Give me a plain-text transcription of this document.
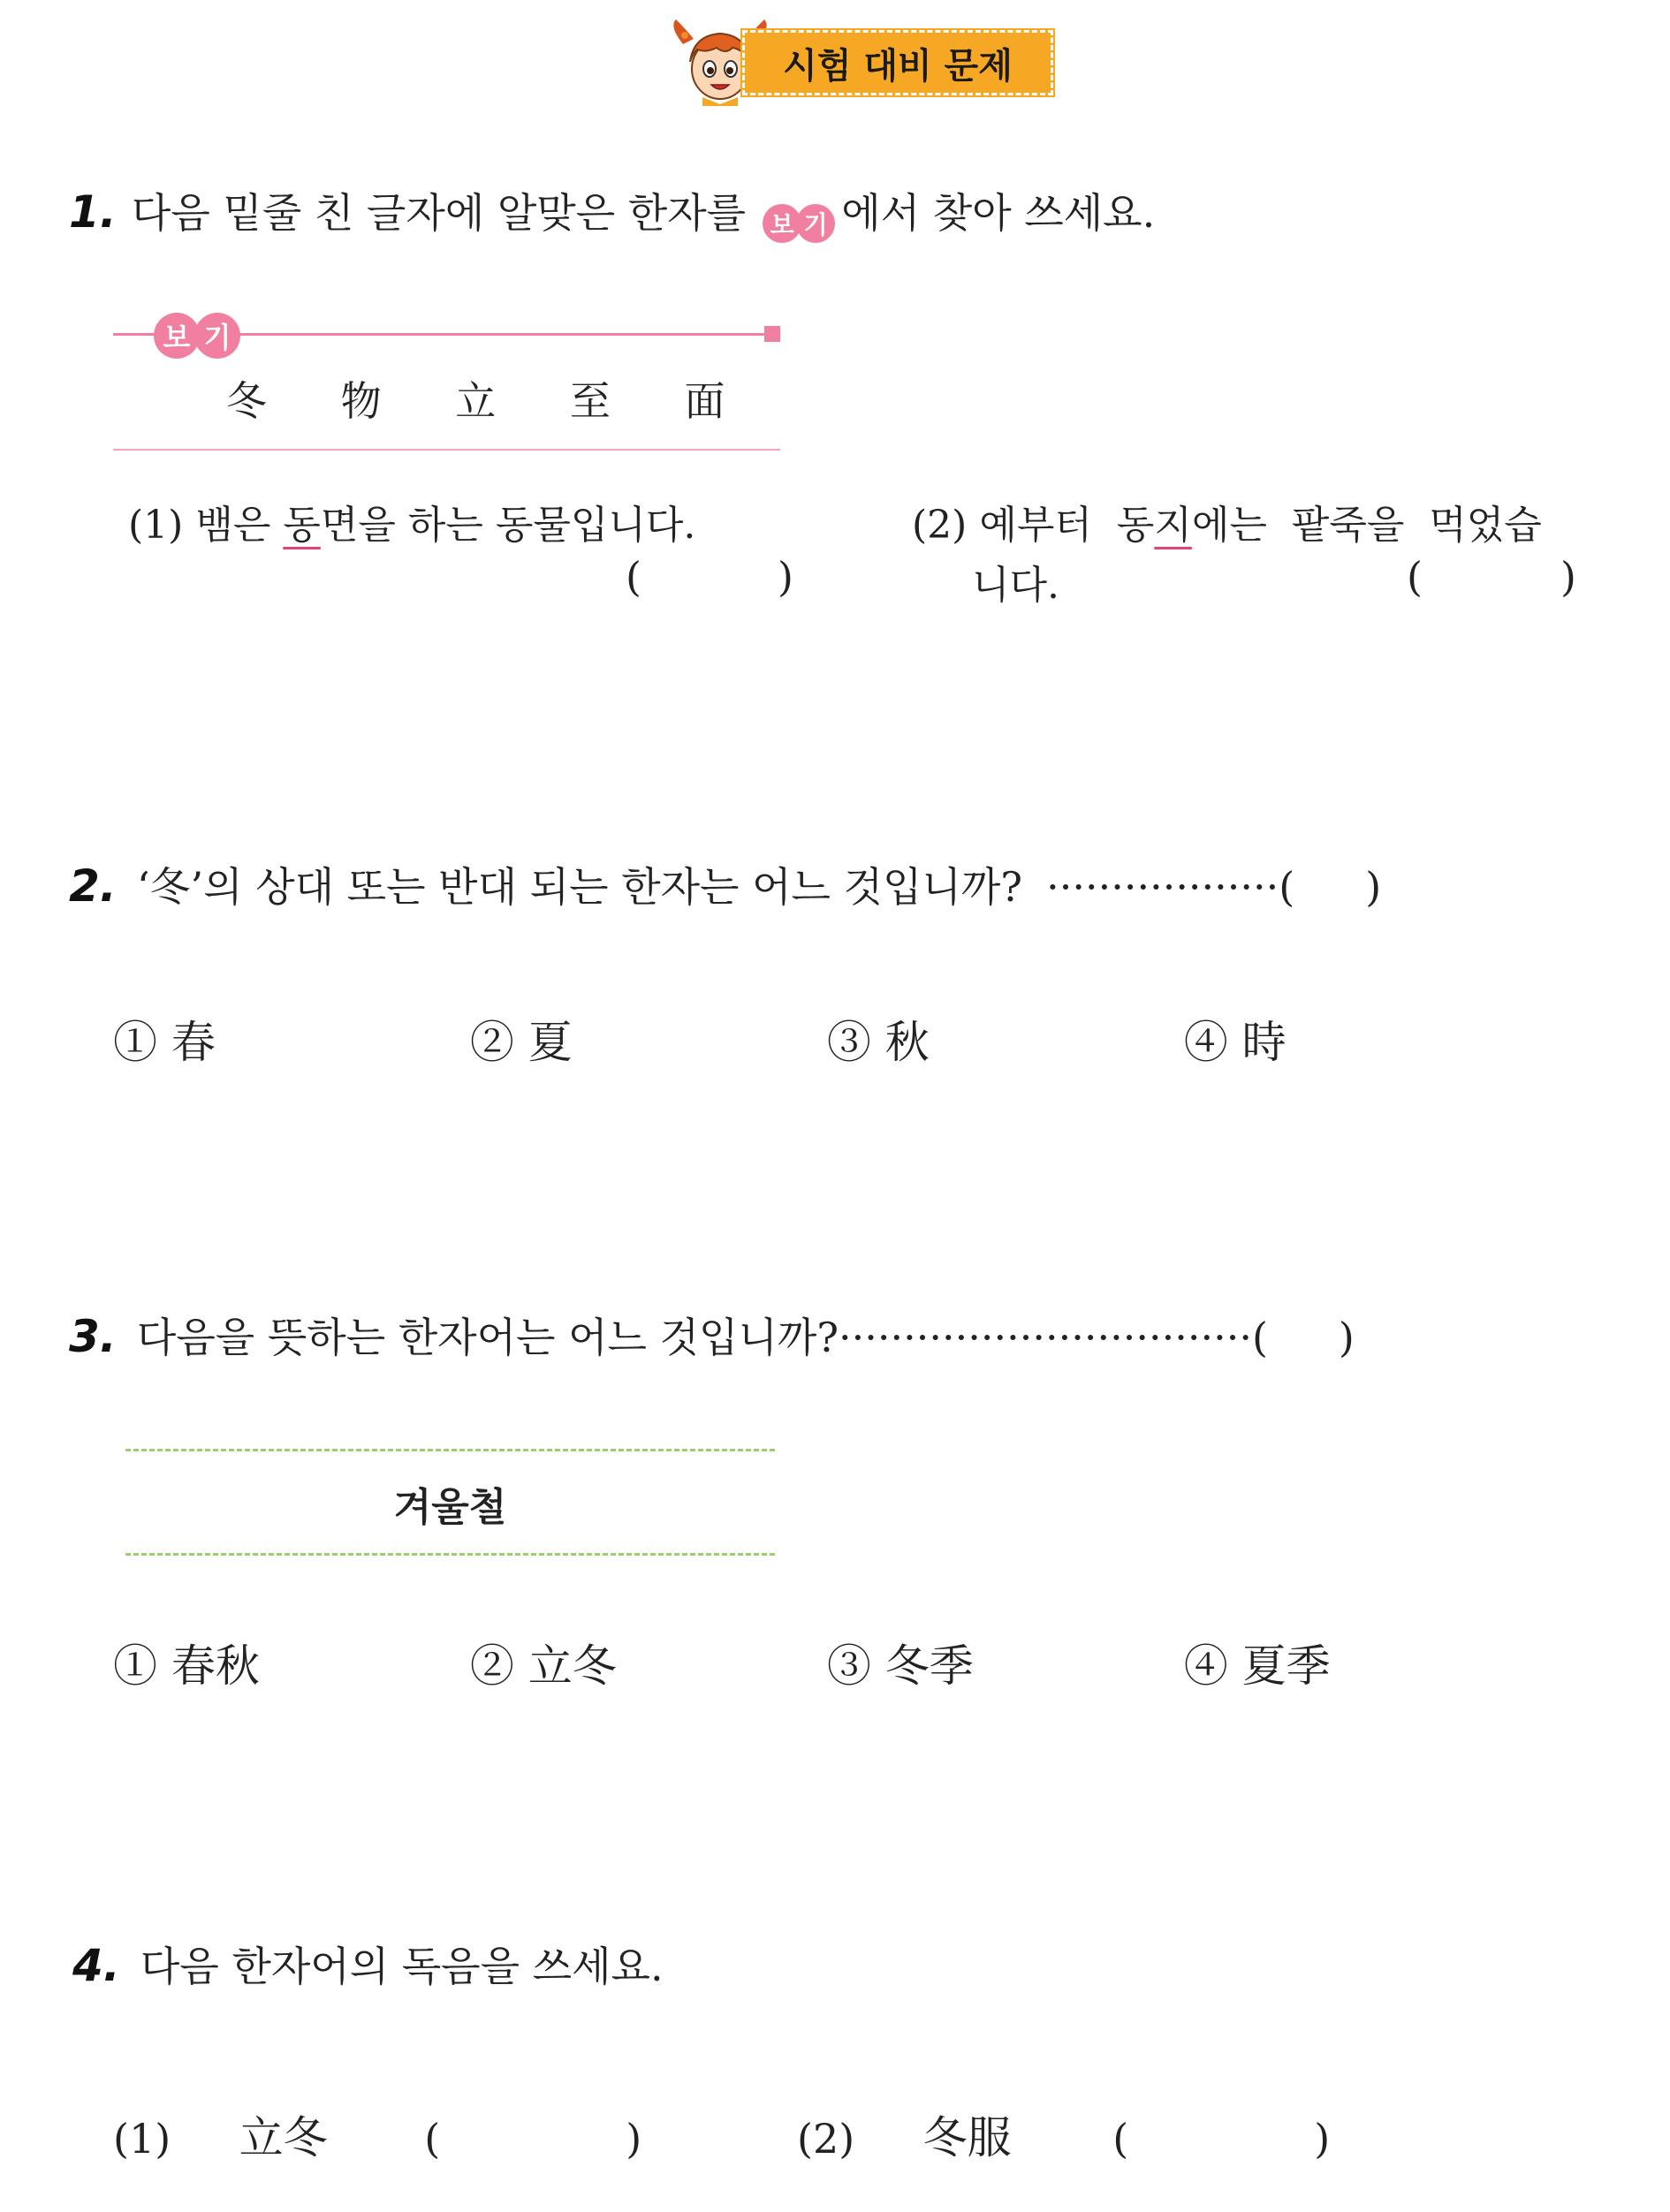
시험 대비 문제
1. 다음 밑줄 친 글자에 알맞은 한자를 보 기 에서 찾아 쓰세요.
보 기
冬 物 立 至 面
(1) 뱀은 동면을 하는 동물입니다.
(	)
(2) 예부터  동지에는  팥죽을  먹었습
니다.	(	)
2. ‘冬’의 상대 또는 반대 되는 한자는 어느 것입니까? ··················( )
① 春	② 夏	③ 秋	④ 時
3. 다음을 뜻하는 한자어는 어느 것입니까?································( )
겨울철
① 春秋	② 立冬	③ 冬季	④ 夏季
4. 다음 한자어의 독음을 쓰세요.
(1) 立冬 (	)	(2) 冬服 (	)
